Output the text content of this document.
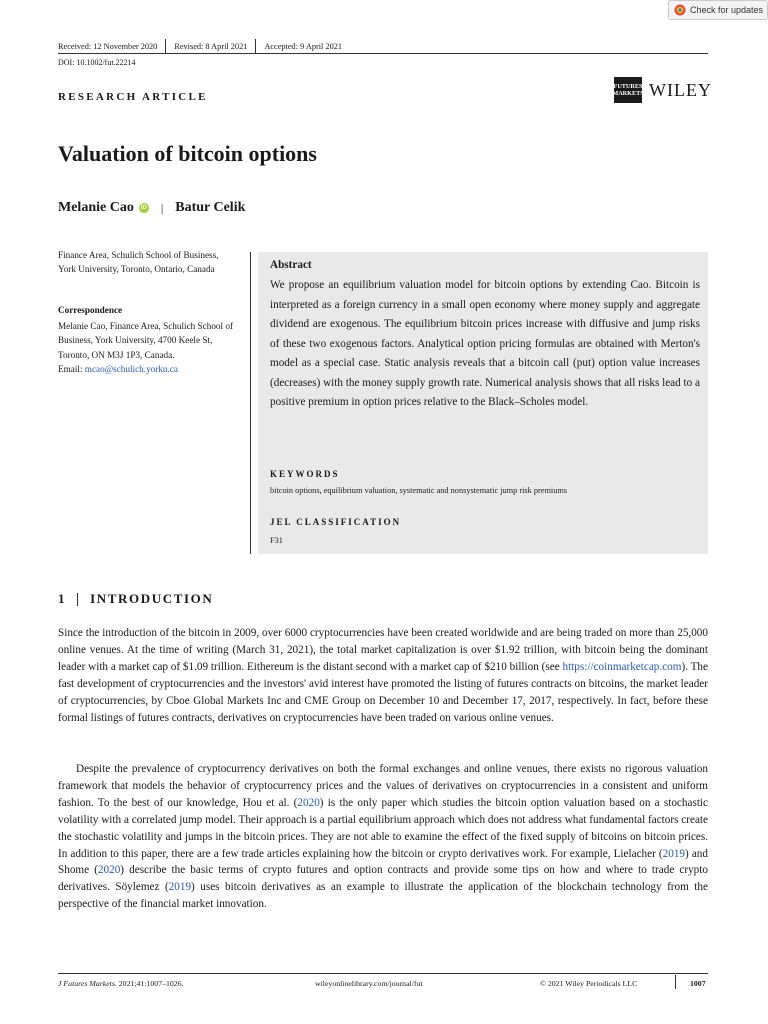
Check for updates
Received: 12 November 2020 Revised: 8 April 2021 Accepted: 9 April 2021
DOI: 10.1002/fut.22214
RESEARCH ARTICLE
FUTURES MARKETS WILEY
Valuation of bitcoin options
Melanie Cao	iD | Batur Celik
Finance Area, Schulich School of Business, York University, Toronto, Ontario, Canada
Correspondence
Melanie Cao, Finance Area, Schulich School of Business, York University, 4700 Keele St, Toronto, ON M3J 1P3, Canada.
Email: mcao@schulich.yorku.ca
Abstract
We propose an equilibrium valuation model for bitcoin options by extending Cao. Bitcoin is interpreted as a foreign currency in a small open economy where money supply and aggregate dividend are exogenous. The equilibrium bitcoin prices increase with diffusive and jump risks of these two exogenous factors. Analytical option pricing formulas are obtained with Merton's model as a special case. Static analysis reveals that a bitcoin call (put) option value increases (decreases) with the money supply growth rate. Numerical analysis shows that all risks lead to a positive premium in option prices relative to the Black–Scholes model.
KEYWORDS
bitcoin options, equilibrium valuation, systematic and nonsystematic jump risk premiums
JEL CLASSIFICATION
F31
1 INTRODUCTION
Since the introduction of the bitcoin in 2009, over 6000 cryptocurrencies have been created worldwide and are being traded on more than 25,000 online venues. At the time of writing (March 31, 2021), the total market capitalization is over $1.92 trillion, with bitcoin being the dominant leader with a market cap of $1.09 trillion. Eithereum is the distant second with a market cap of $210 billion (see https://coinmarketcap.com). The fast development of cryptocurrencies and the investors' avid interest have promoted the listing of futures contracts on bitcoins, the market leader of cryptocurrencies, by Cboe Global Markets Inc and CME Group on December 10 and December 17, 2017, respectively. In fact, before these formal listings of futures contracts, derivatives on cryptocurrencies have been traded on various online venues.
Despite the prevalence of cryptocurrency derivatives on both the formal exchanges and online venues, there exists no rigorous valuation framework that models the behavior of cryptocurrency prices and the values of derivatives on cryptocurrencies in a consistent and uniform fashion. To the best of our knowledge, Hou et al. (2020) is the only paper which studies the bitcoin option valuation based on a stochastic volatility with a correlated jump model. Their approach is a partial equilibrium approach which does not address what fundamental factors create the stochastic volatility and jumps in the bitcoin prices. They are not able to examine the effect of the fixed supply of bitcoins on bitcoin prices. In addition to this paper, there are a few trade articles explaining how the bitcoin or crypto derivatives work. For example, Lielacher (2019) and Shome (2020) describe the basic terms of crypto futures and option contracts and provide some tips on how and where to trade crypto derivatives. Söylemez (2019) uses bitcoin derivatives as an example to illustrate the application of the blockchain technology from the perspective of the financial market innovation.
J Futures Markets. 2021;41:1007–1026.	wileyonlinelibrary.com/journal/fut	© 2021 Wiley Periodicals LLC	1007
